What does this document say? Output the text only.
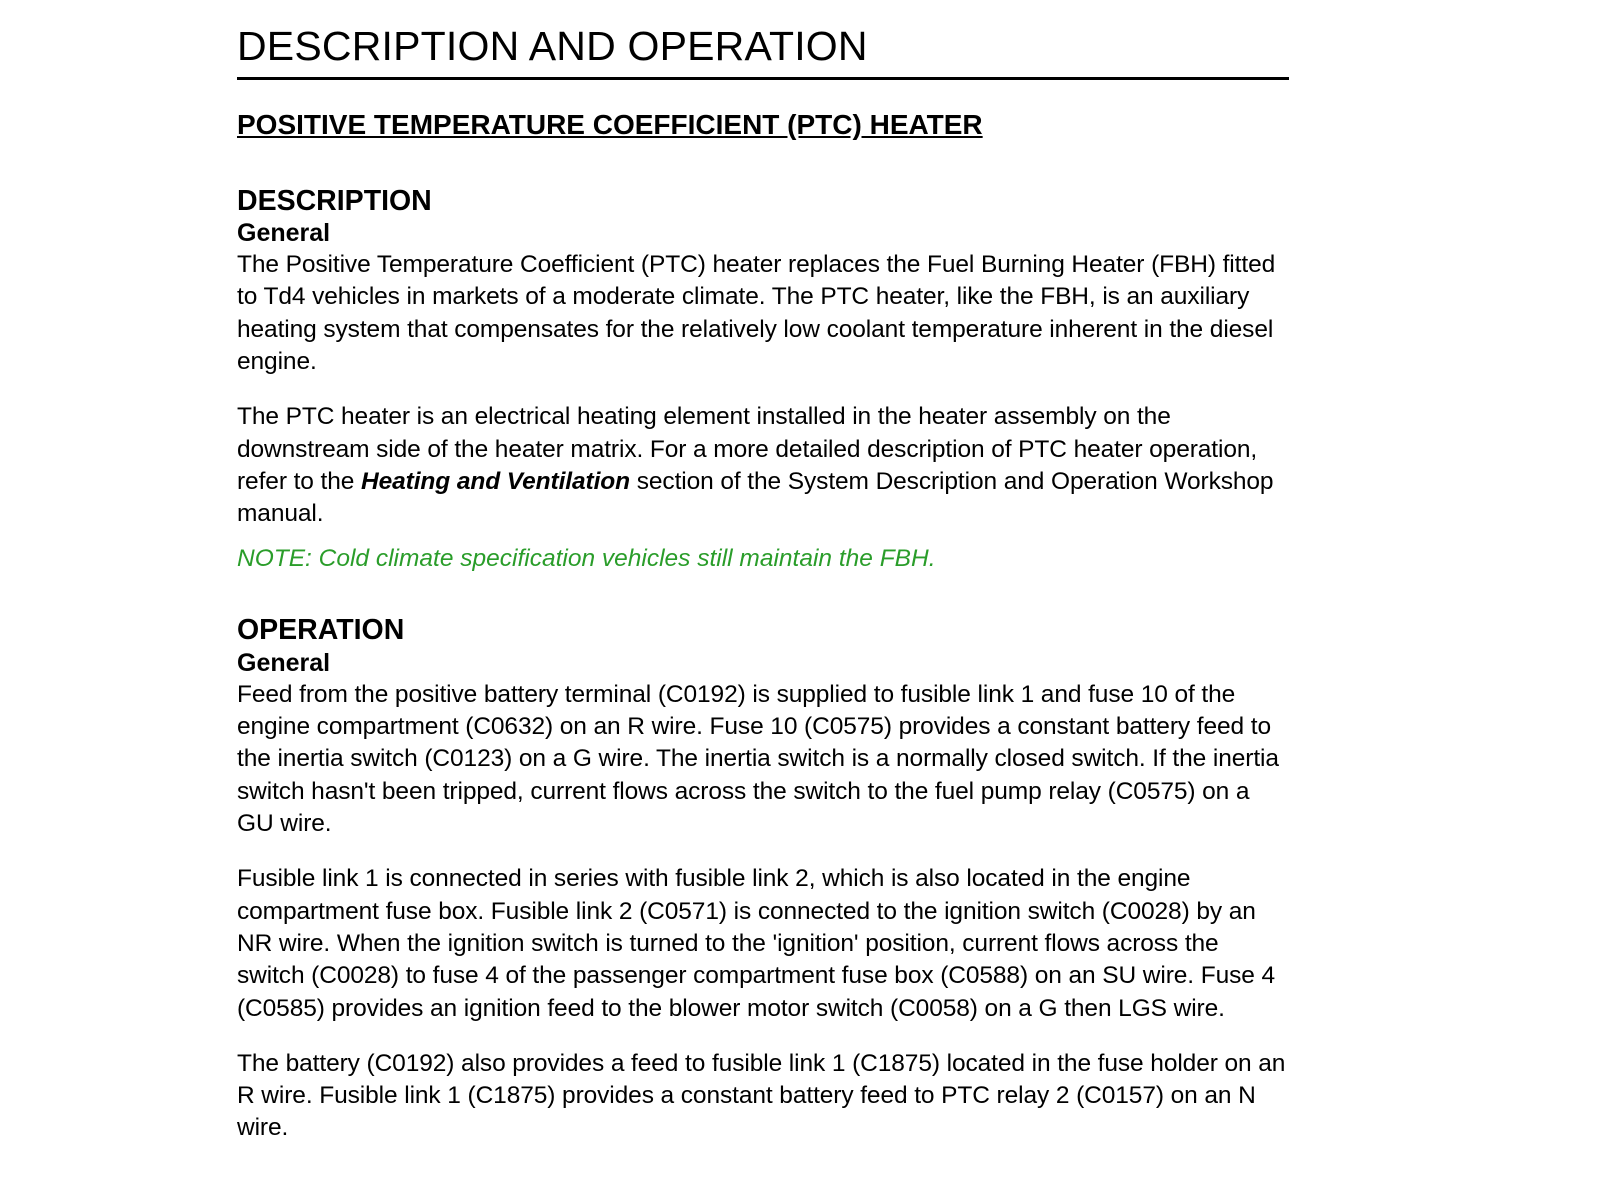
DESCRIPTION AND OPERATION
POSITIVE TEMPERATURE COEFFICIENT (PTC) HEATER
DESCRIPTION
General

The Positive Temperature Coefficient (PTC) heater replaces the Fuel Burning Heater (FBH) fitted to Td4 vehicles in markets of a moderate climate. The PTC heater, like the FBH, is an auxiliary heating system that compensates for the relatively low coolant temperature inherent in the diesel engine.

The PTC heater is an electrical heating element installed in the heater assembly on the downstream side of the heater matrix. For a more detailed description of PTC heater operation, refer to the Heating and Ventilation section of the System Description and Operation Workshop manual.

NOTE: Cold climate specification vehicles still maintain the FBH.

OPERATION
General

Feed from the positive battery terminal (C0192) is supplied to fusible link 1 and fuse 10 of the engine compartment (C0632) on an R wire. Fuse 10 (C0575) provides a constant battery feed to the inertia switch (C0123) on a G wire. The inertia switch is a normally closed switch. If the inertia switch hasn't been tripped, current flows across the switch to the fuel pump relay (C0575) on a GU wire.

Fusible link 1 is connected in series with fusible link 2, which is also located in the engine compartment fuse box. Fusible link 2 (C0571) is connected to the ignition switch (C0028) by an NR wire. When the ignition switch is turned to the 'ignition' position, current flows across the switch (C0028) to fuse 4 of the passenger compartment fuse box (C0588) on an SU wire. Fuse 4 (C0585) provides an ignition feed to the blower motor switch (C0058) on a G then LGS wire.

The battery (C0192) also provides a feed to fusible link 1 (C1875) located in the fuse holder on an R wire. Fusible link 1 (C1875) provides a constant battery feed to PTC relay 2 (C0157) on an N wire.
